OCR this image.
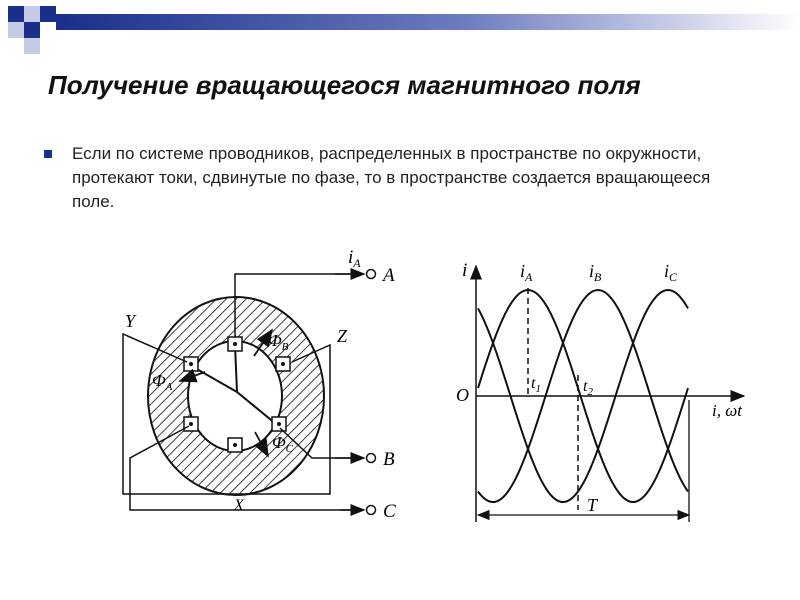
Получение вращающегося магнитного поля

Если по системе проводников, распределенных в пространстве по окружности, протекают токи, сдвинутые по фазе, то в пространстве создается вращающееся поле.

$i_A$
A
B
C
Y
Z
X
$Ф_A$
$Ф_B$
$Ф_C$
i
i, ωt
O
$i_A$	$i_B$	$i_C$
$t_1$	$t_2$
T
